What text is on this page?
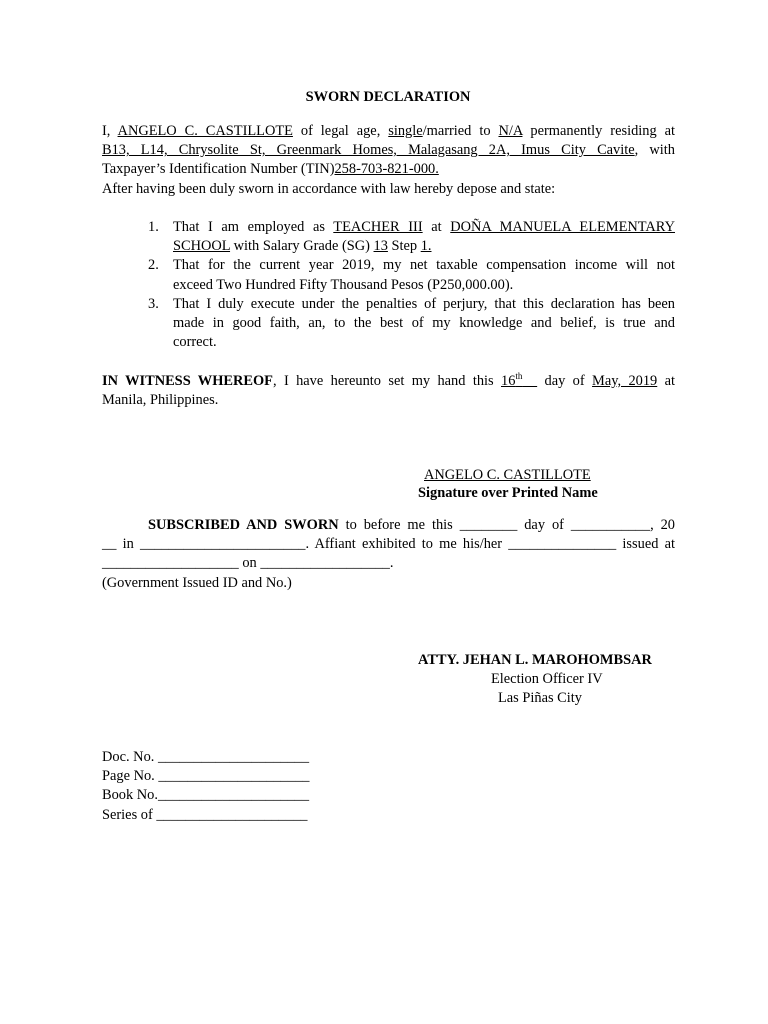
SWORN DECLARATION
I, ANGELO C. CASTILLOTE of legal age, single/married to N/A permanently residing at
B13, L14, Chrysolite St, Greenmark Homes, Malagasang 2A, Imus City Cavite, with
Taxpayer’s Identification Number (TIN)258-703-821-000.
After having been duly sworn in accordance with law hereby depose and state:
1. That I am employed as TEACHER III at DOÑA MANUELA ELEMENTARY
SCHOOL with Salary Grade (SG) 13 Step 1.
2. That for the current year 2019, my net taxable compensation income will not
exceed Two Hundred Fifty Thousand Pesos (P250,000.00).
3. That I duly execute under the penalties of perjury, that this declaration has been
made in good faith, an, to the best of my knowledge and belief, is true and
correct.
IN WITNESS WHEREOF, I have hereunto set my hand this 16th   day of May, 2019 at
Manila, Philippines.
ANGELO C. CASTILLOTE
Signature over Printed Name
SUBSCRIBED AND SWORN to before me this ________ day of ___________, 20
__ in _______________________. Affiant exhibited to me his/her _______________ issued at
___________________ on __________________.
(Government Issued ID and No.)
ATTY. JEHAN L. MAROHOMBSAR
Election Officer IV
Las Piñas City
Doc. No. _____________________
Page No. _____________________
Book No._____________________
Series of _____________________
